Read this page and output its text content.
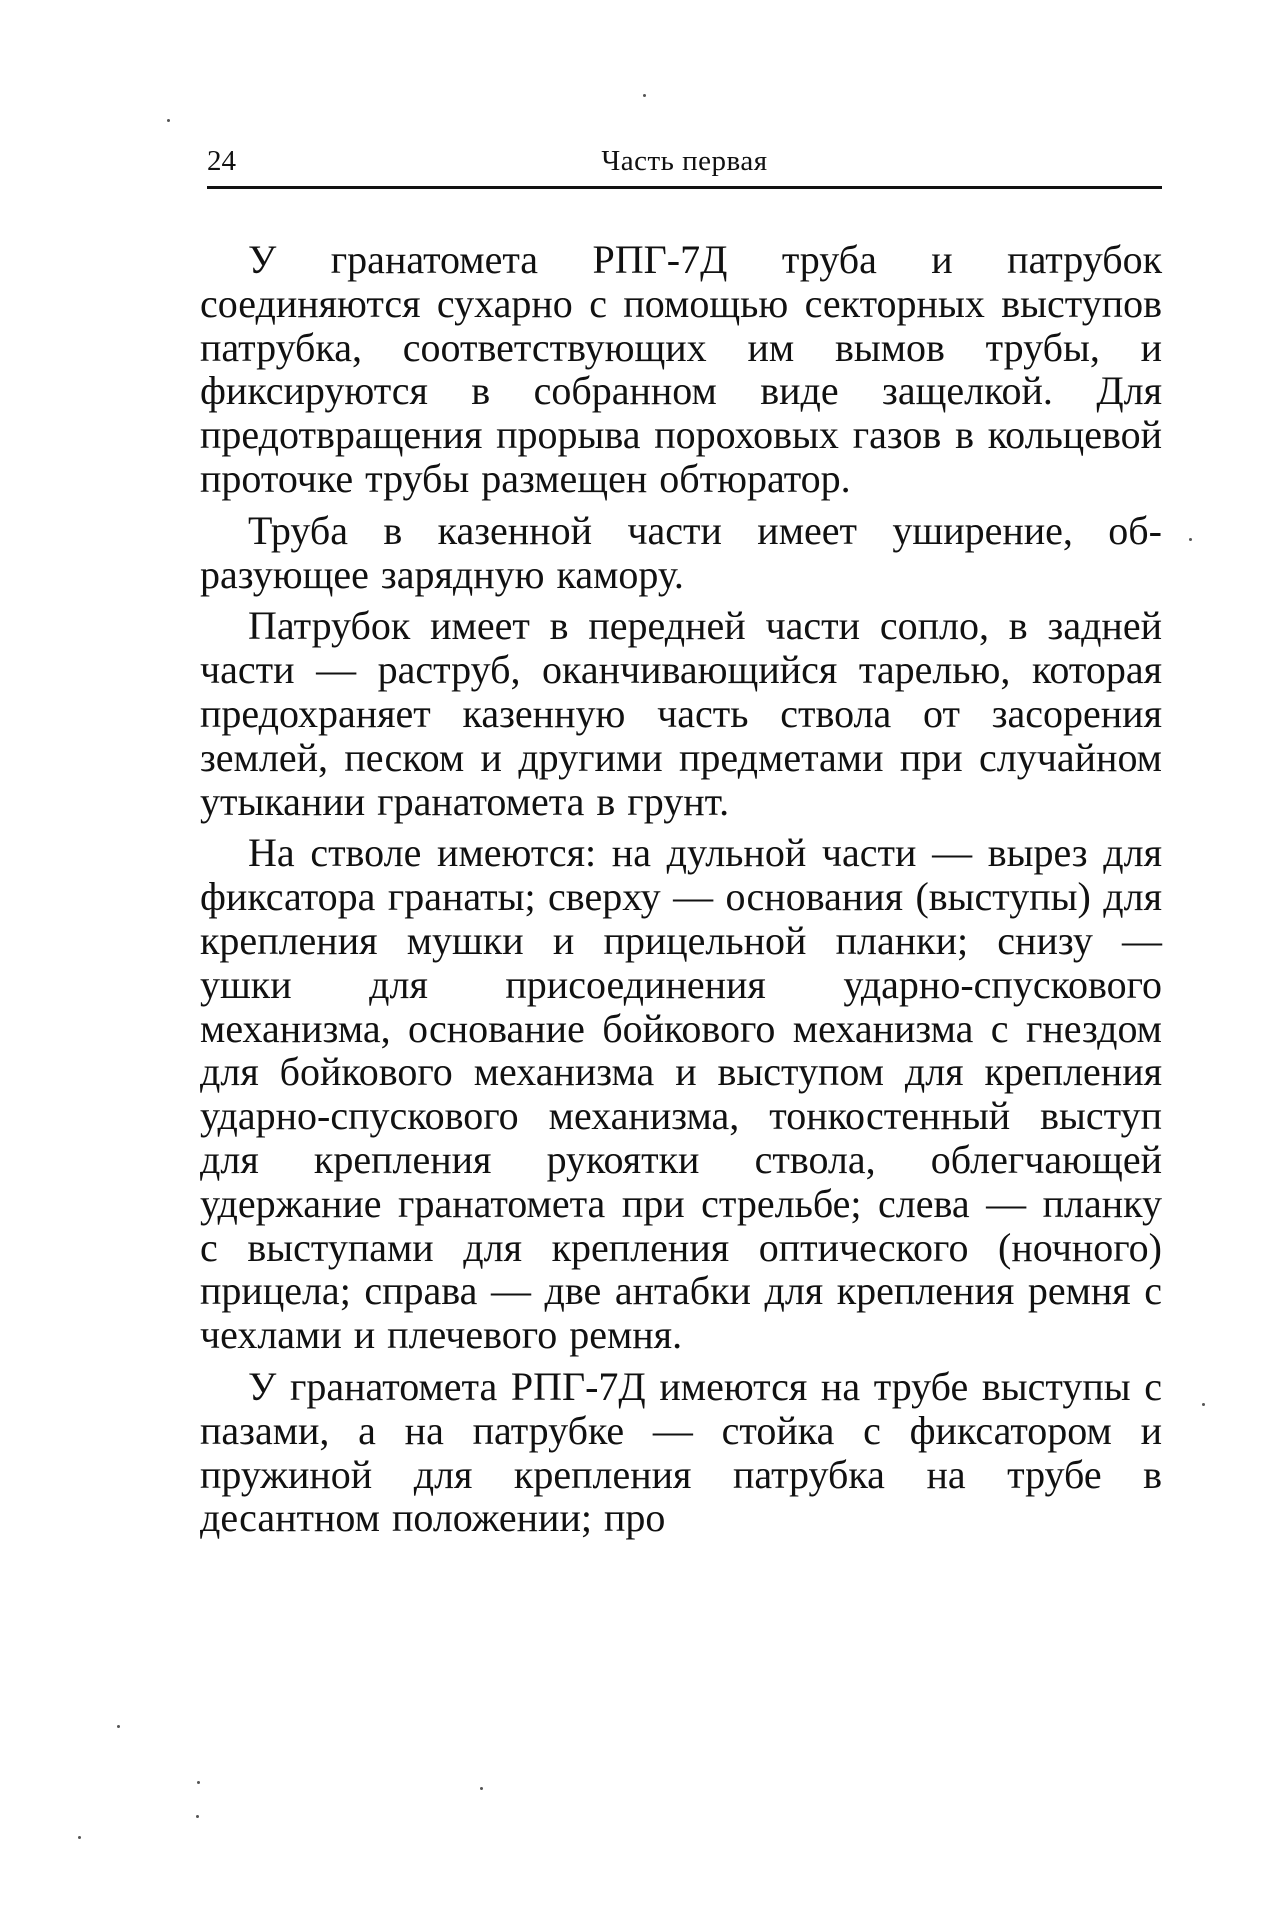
24	Часть первая

У гранатомета РПГ-7Д труба и патрубок соединяются сухарно с помощью секторных выступов патрубка, соответствующих им вымов трубы, и фиксируются в собранном виде защелкой. Для предотвращения прорыва пороховых газов в кольцевой проточке трубы размещен обтюратор.

Труба в казенной части имеет уширение, образующее зарядную камору.

Патрубок имеет в передней части сопло, в задней части — раструб, оканчивающийся тарелью, которая предохраняет казенную часть ствола от засорения землей, песком и другими предметами при случайном утыкании гранатомета в грунт.

На стволе имеются: на дульной части — вырез для фиксатора гранаты; сверху — основания (выступы) для крепления мушки и прицельной планки; снизу — ушки для присоединения ударно-спускового механизма, основание бойкового механизма с гнездом для бойкового механизма и выступом для крепления ударно-спускового механизма, тонкостенный выступ для крепления рукоятки ствола, облегчающей удержание гранатомета при стрельбе; слева — планку с выступами для крепления оптического (ночного) прицела; справа — две антабки для крепления ремня с чехлами и плечевого ремня.

У гранатомета РПГ-7Д имеются на трубе выступы с пазами, а на патрубке — стойка с фиксатором и пружиной для крепления патрубка на трубе в десантном положении; про
